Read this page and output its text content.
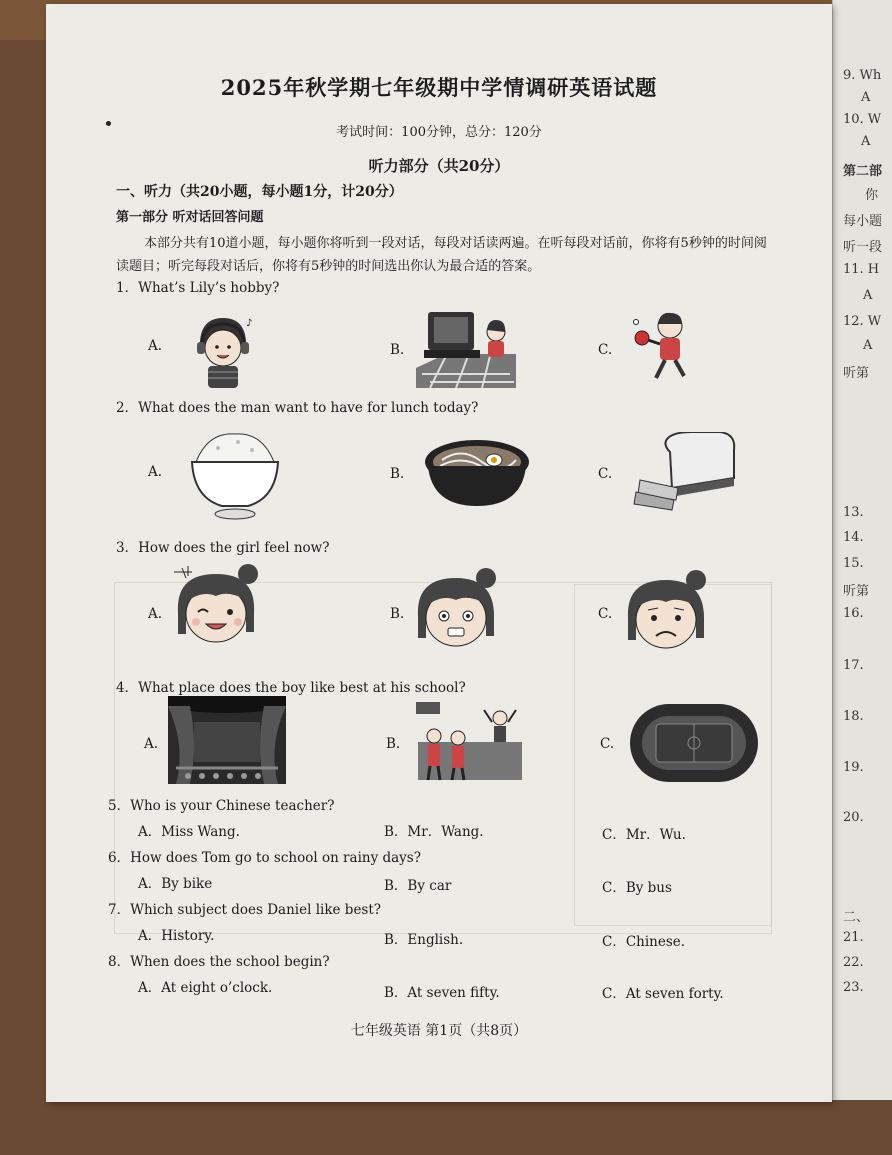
9. Wh
A
10. W
A
第二部
你
每小题
听一段
11. H
A
12. W
A
听第
13.
14.
15.
听第
16.
17.
18.
19.
20.
二、
21.
22.
23.
2025年秋学期七年级期中学情调研英语试题
考试时间：100分钟，总分：120分
听力部分（共20分）
一、听力（共20小题，每小题1分，计20分）
第一部分 听对话回答问题
本部分共有10道小题，每小题你将听到一段对话，每段对话读两遍。在听每段对话前，你将有5秒钟的时间阅读题目；听完每段对话后，你将有5秒钟的时间选出你认为最合适的答案。
1．What’s Lily’s hobby?
A.	B.	C.
♪
2．What does the man want to have for lunch today?
A.	B.	C.
3．How does the girl feel now?
A.	B.	C.
4．What place does the boy like best at his school?
A.	B.	C.
5．Who is your Chinese teacher?
A．Miss Wang.	B．Mr．Wang.	C．Mr．Wu.
6．How does Tom go to school on rainy days?
A．By bike	B．By car	C．By bus
7．Which subject does Daniel like best?
A．History.	B．English.	C．Chinese.
8．When does the school begin?
A．At eight o’clock.	B．At seven fifty.	C．At seven forty.
七年级英语 第1页（共8页）
